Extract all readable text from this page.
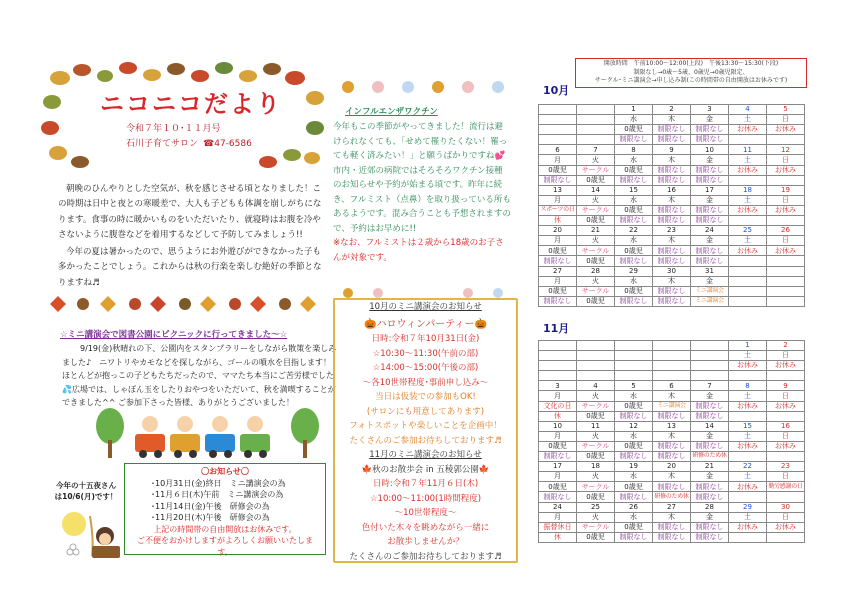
ニコニコだより
令和７年１０･１１月号
石川子育てサロン ☎47-6586

朝晩のひんやりとした空気が、秋を感じさせる頃となりました！この時期は日中と夜との寒暖差で、大人も子どもも体調を崩しがちになります。食事の時に暖かいものをいただいたり、就寝時はお腹を冷やさないように腹巻などを着用するなどして予防してみましょう!!

今年の夏は暑かったので、思うようにお外遊びができなかった子も多かったことでしょう。これからは秋の行楽を楽しむ絶好の季節となりますね♬

☆ミニ講演会で図書公園にピクニックに行ってきました～☆

9/19(金)秋晴れの下、公園内をスタンプラリーをしながら散策を楽しみました♪　ニワトリやカモなどを探しながら、ゴールの噴水を目指します！ほとんどが抱っこの子どもたちだったので、ママたち本当にご苦労様でした💦広場では、しゃぼん玉をしたりおやつをいただいて、秋を満喫することができました^^ ご参加下さった皆様、ありがとうございました！

今年の十五夜さん
は10/6(月)です！
〇お知らせ〇
･10月31日(金)終日　ミニ講演会の為
･11月６日(木)午前　ミニ講演会の為
･11月14日(金)午後　研修会の為
･11月20日(木)午後　研修会の為
上記の時間帯の自由開放はお休みです。
ご不便をおかけしますがよろしくお願いいたします。
インフルエンザワクチン
今年もこの季節がやってきました！流行は避けられなくても、「せめて罹りたくない！罹っても軽く済みたい！」と願うばかりですね💕市内・近郊の病院ではそろそろワクチン接種のお知らせや予約が始まる頃です。昨年に続き、フルミスト（点鼻）を取り扱っている所もあるようです。混み合うことも予想されますので、予約はお早めに!!
※なお、フルミストは２歳から18歳のお子さんが対象です。
10月のミニ講演会のお知らせ
🎃ハロウィンパーティー🎃
日時:令和７年10月31日(金)
☆10:30～11:30(午前の部)
☆14:00～15:00(午後の部)
～各10世帯程度･事前申し込み～
当日は仮装での参加もOK!
(サロンにも用意してあります)
フォトスポットや楽しいことを企画中！
たくさんのご参加お待ちしております♬
11月のミニ講演会のお知らせ
🍁秋のお散歩会 in 五稜郭公園🍁
日時:令和７年11月６日(木)
☆10:00～11:00(1時間程度)
～10世帯程度～
色付いた木々を眺めながら一緒に
お散歩しませんか？
たくさんのご参加お待ちしております♬
開放時間　午前10:00～12:00(上段)　午後13:30～15:30(下段)
制限なし→0歳～5歳、0歳児→0歳児限定、
サークル･ミニ講演会→申し込み制(この時間帯の自由開放はお休みです)
10月
		1	2	3	4	5
		水	木	金	土	日
		0歳児	制限なし	制限なし	お休み	お休み
		制限なし	制限なし	制限なし		
6	7	8	9	10	11	12
月	火	水	木	金	土	日
0歳児	サークル	0歳児	制限なし	制限なし	お休み	お休み
制限なし	0歳児	制限なし	制限なし	制限なし		
13	14	15	16	17	18	19
月	火	水	木	金	土	日
スポーツの日	サークル	0歳児	制限なし	制限なし	お休み	お休み
休	0歳児	制限なし	制限なし	制限なし		
20	21	22	23	24	25	26
月	火	水	木	金	土	日
0歳児	サークル	0歳児	制限なし	制限なし	お休み	お休み
制限なし	0歳児	制限なし	制限なし	制限なし		
27	28	29	30	31		
月	火	水	木	金		
0歳児	サークル	0歳児	制限なし	ミニ講演会		
制限なし	0歳児	制限なし	制限なし	ミニ講演会		
11月
					1	2
					土	日
					お休み	お休み

3	4	5	6	7	8	9
月	火	水	木	金	土	日
文化の日	サークル	0歳児	ミニ講演会	制限なし	お休み	お休み
休	0歳児	制限なし	制限なし	制限なし		
10	11	12	13	14	15	16
月	火	水	木	金	土	日
0歳児	サークル	0歳児	制限なし	制限なし	お休み	お休み
制限なし	0歳児	制限なし	制限なし	研修のため休		
17	18	19	20	21	22	23
月	火	水	木	金	土	日
0歳児	サークル	0歳児	制限なし	制限なし	お休み	勤労感謝の日
制限なし	0歳児	制限なし	研修のため休	制限なし		
24	25	26	27	28	29	30
月	火	水	木	金	土	日
振替休日	サークル	0歳児	制限なし	制限なし	お休み	お休み
休	0歳児	制限なし	制限なし	制限なし		
